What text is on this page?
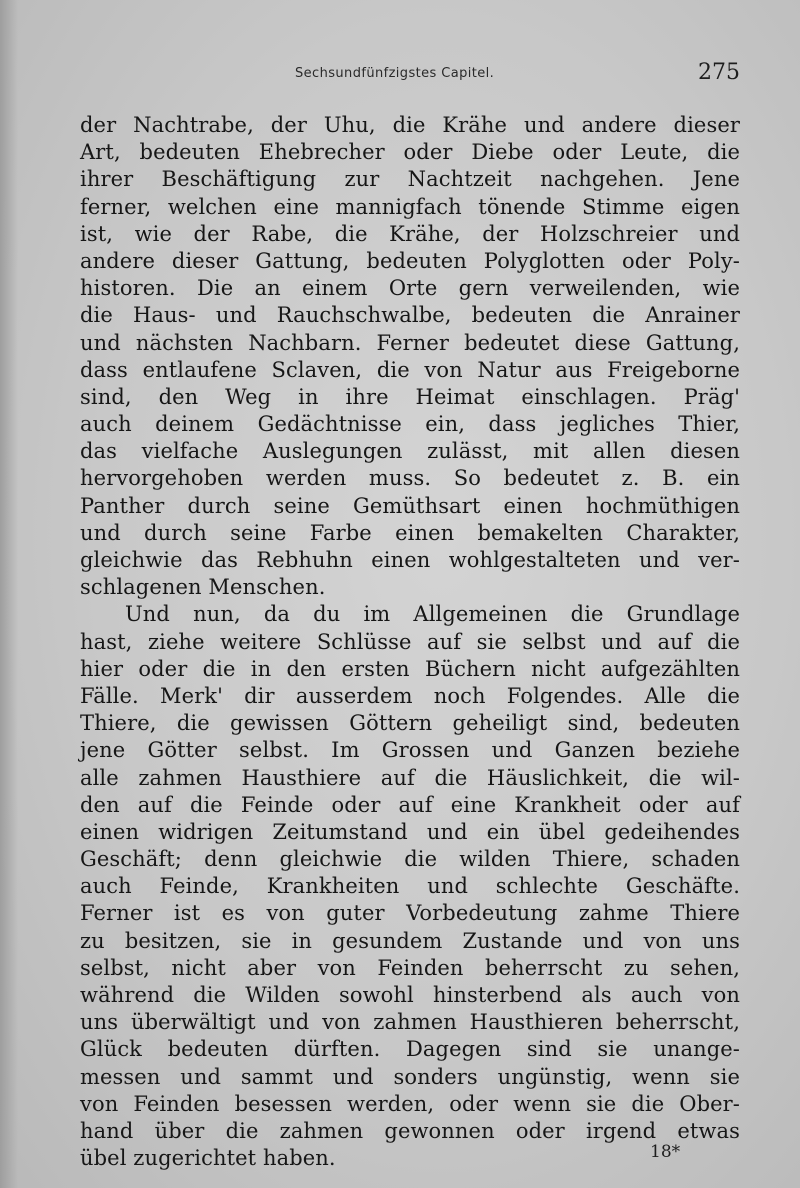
Sechsundfünfzigstes Capitel.	275
der Nachtrabe, der Uhu, die Krähe und andere dieser
Art, bedeuten Ehebrecher oder Diebe oder Leute, die
ihrer Beschäftigung zur Nachtzeit nachgehen. Jene
ferner, welchen eine mannigfach tönende Stimme eigen
ist, wie der Rabe, die Krähe, der Holzschreier und
andere dieser Gattung, bedeuten Polyglotten oder Poly-
historen. Die an einem Orte gern verweilenden, wie
die Haus- und Rauchschwalbe, bedeuten die Anrainer
und nächsten Nachbarn. Ferner bedeutet diese Gattung,
dass entlaufene Sclaven, die von Natur aus Freigeborne
sind, den Weg in ihre Heimat einschlagen. Präg'
auch deinem Gedächtnisse ein, dass jegliches Thier,
das vielfache Auslegungen zulässt, mit allen diesen
hervorgehoben werden muss. So bedeutet z. B. ein
Panther durch seine Gemüthsart einen hochmüthigen
und durch seine Farbe einen bemakelten Charakter,
gleichwie das Rebhuhn einen wohlgestalteten und ver-
schlagenen Menschen.
Und nun, da du im Allgemeinen die Grundlage
hast, ziehe weitere Schlüsse auf sie selbst und auf die
hier oder die in den ersten Büchern nicht aufgezählten
Fälle. Merk' dir ausserdem noch Folgendes. Alle die
Thiere, die gewissen Göttern geheiligt sind, bedeuten
jene Götter selbst. Im Grossen und Ganzen beziehe
alle zahmen Hausthiere auf die Häuslichkeit, die wil-
den auf die Feinde oder auf eine Krankheit oder auf
einen widrigen Zeitumstand und ein übel gedeihendes
Geschäft; denn gleichwie die wilden Thiere, schaden
auch Feinde, Krankheiten und schlechte Geschäfte.
Ferner ist es von guter Vorbedeutung zahme Thiere
zu besitzen, sie in gesundem Zustande und von uns
selbst, nicht aber von Feinden beherrscht zu sehen,
während die Wilden sowohl hinsterbend als auch von
uns überwältigt und von zahmen Hausthieren beherrscht,
Glück bedeuten dürften. Dagegen sind sie unange-
messen und sammt und sonders ungünstig, wenn sie
von Feinden besessen werden, oder wenn sie die Ober-
hand über die zahmen gewonnen oder irgend etwas
übel zugerichtet haben.	18*
